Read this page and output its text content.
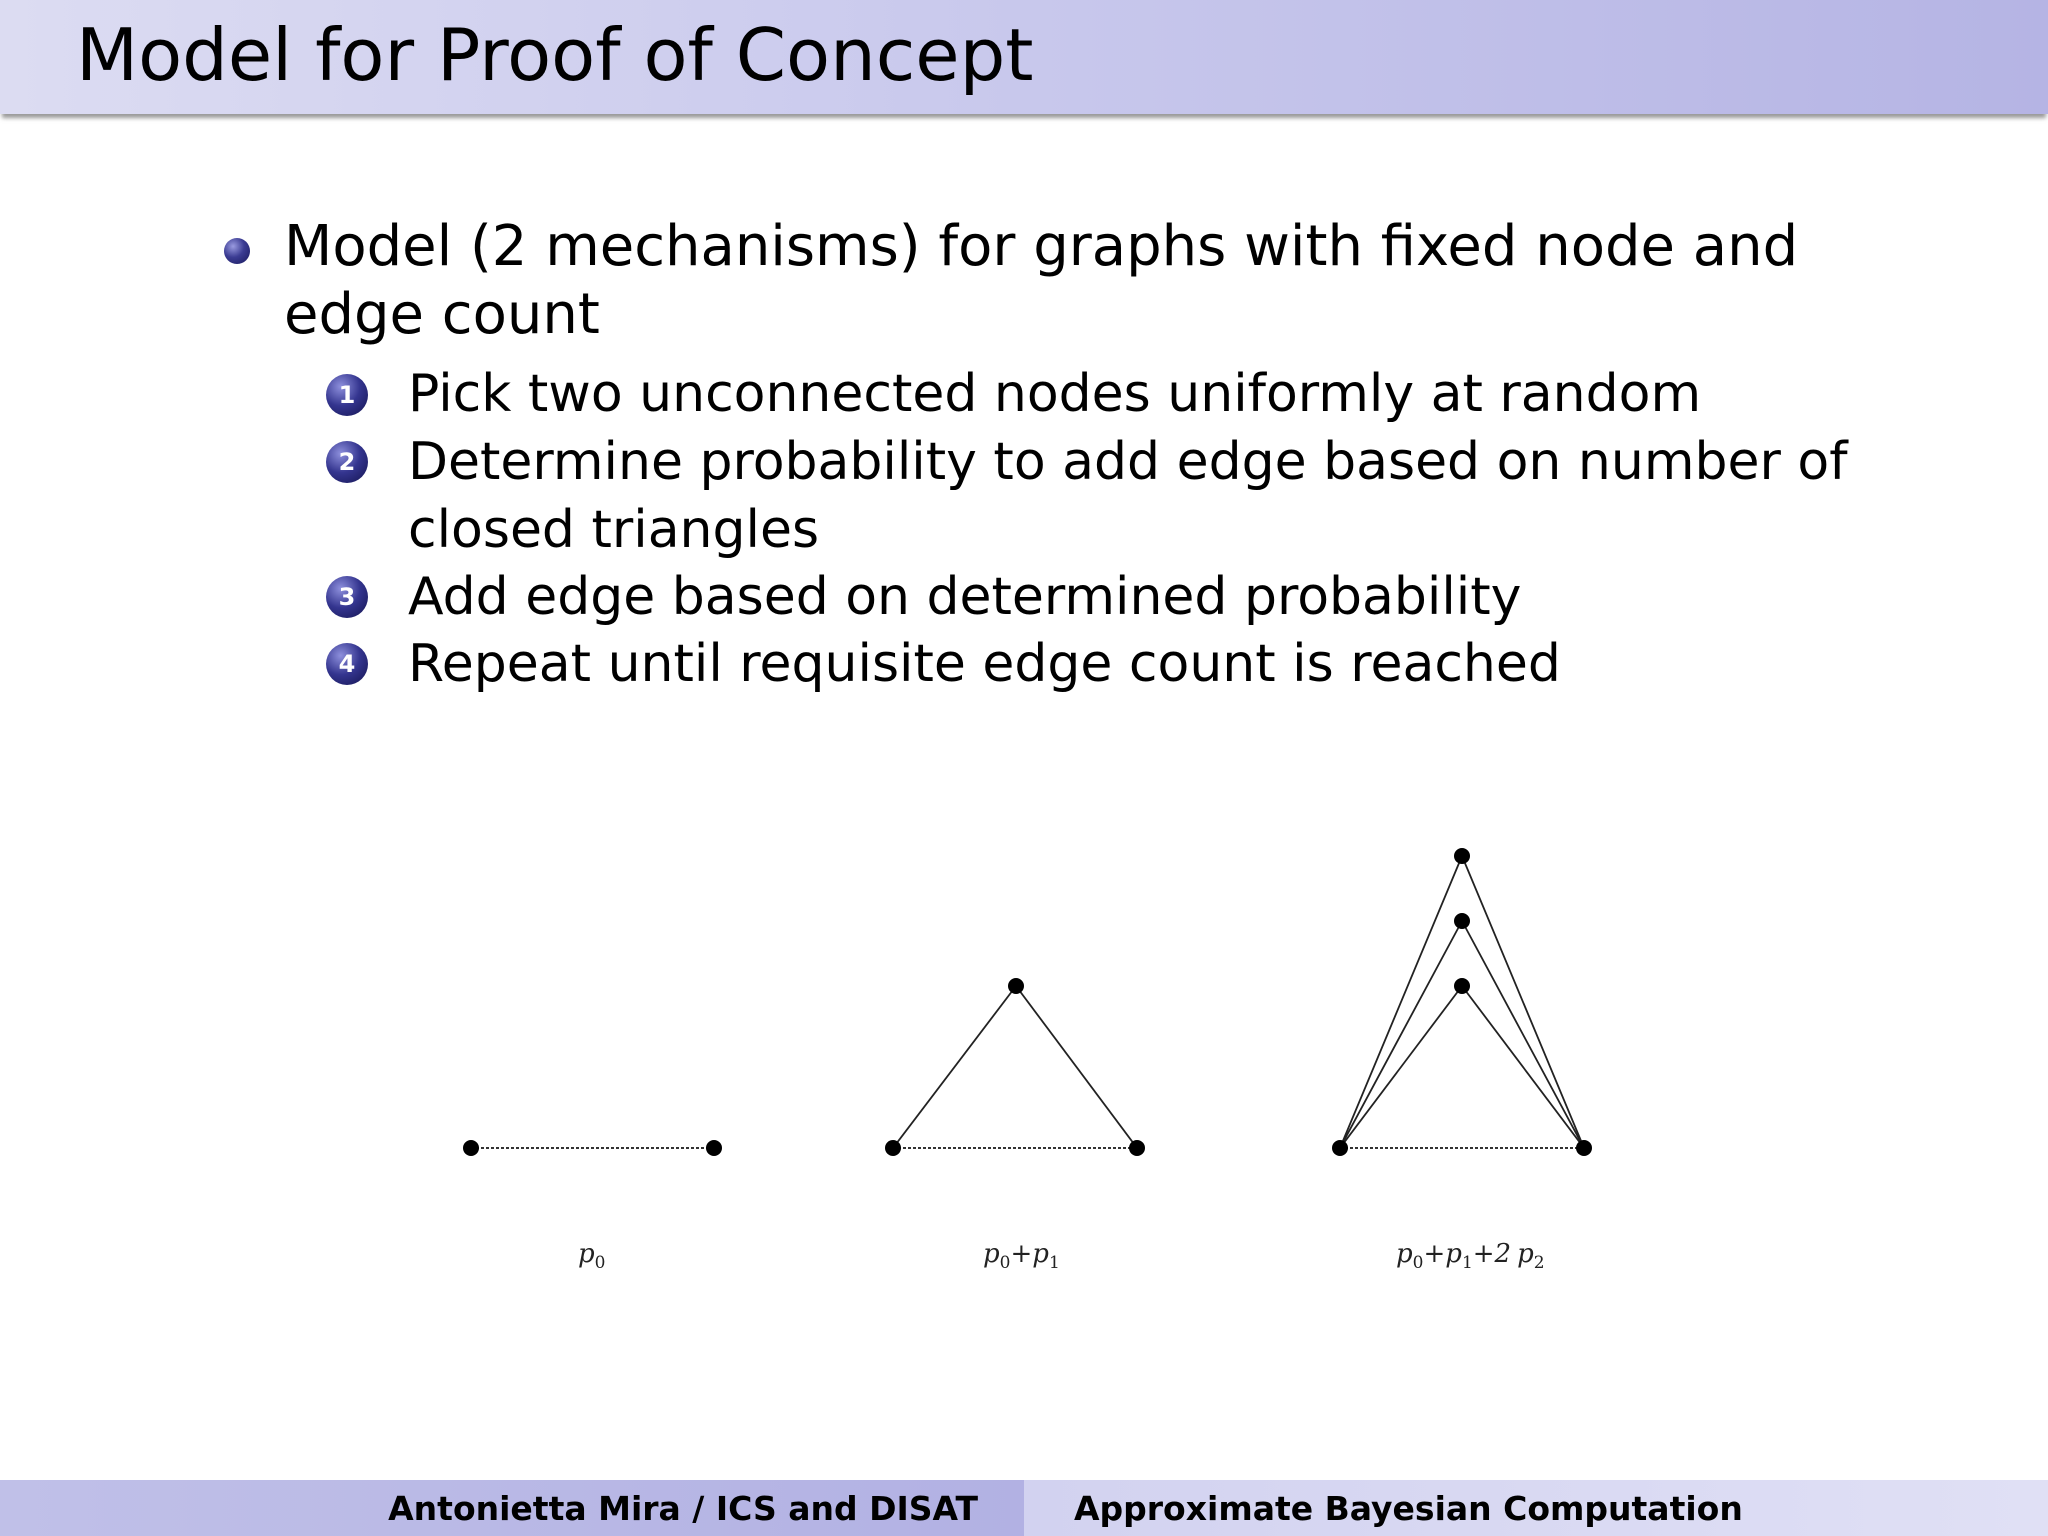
Model for Proof of Concept
Model (2 mechanisms) for graphs with fixed node and edge count
1 Pick two unconnected nodes uniformly at random
2 Determine probability to add edge based on number of closed triangles
3 Add edge based on determined probability
4 Repeat until requisite edge count is reached
$p_0$	$p_0+p_1$	$p_0+p_1+2$ $p_2$
Antonietta Mira / ICS and DISAT	Approximate Bayesian Computation
